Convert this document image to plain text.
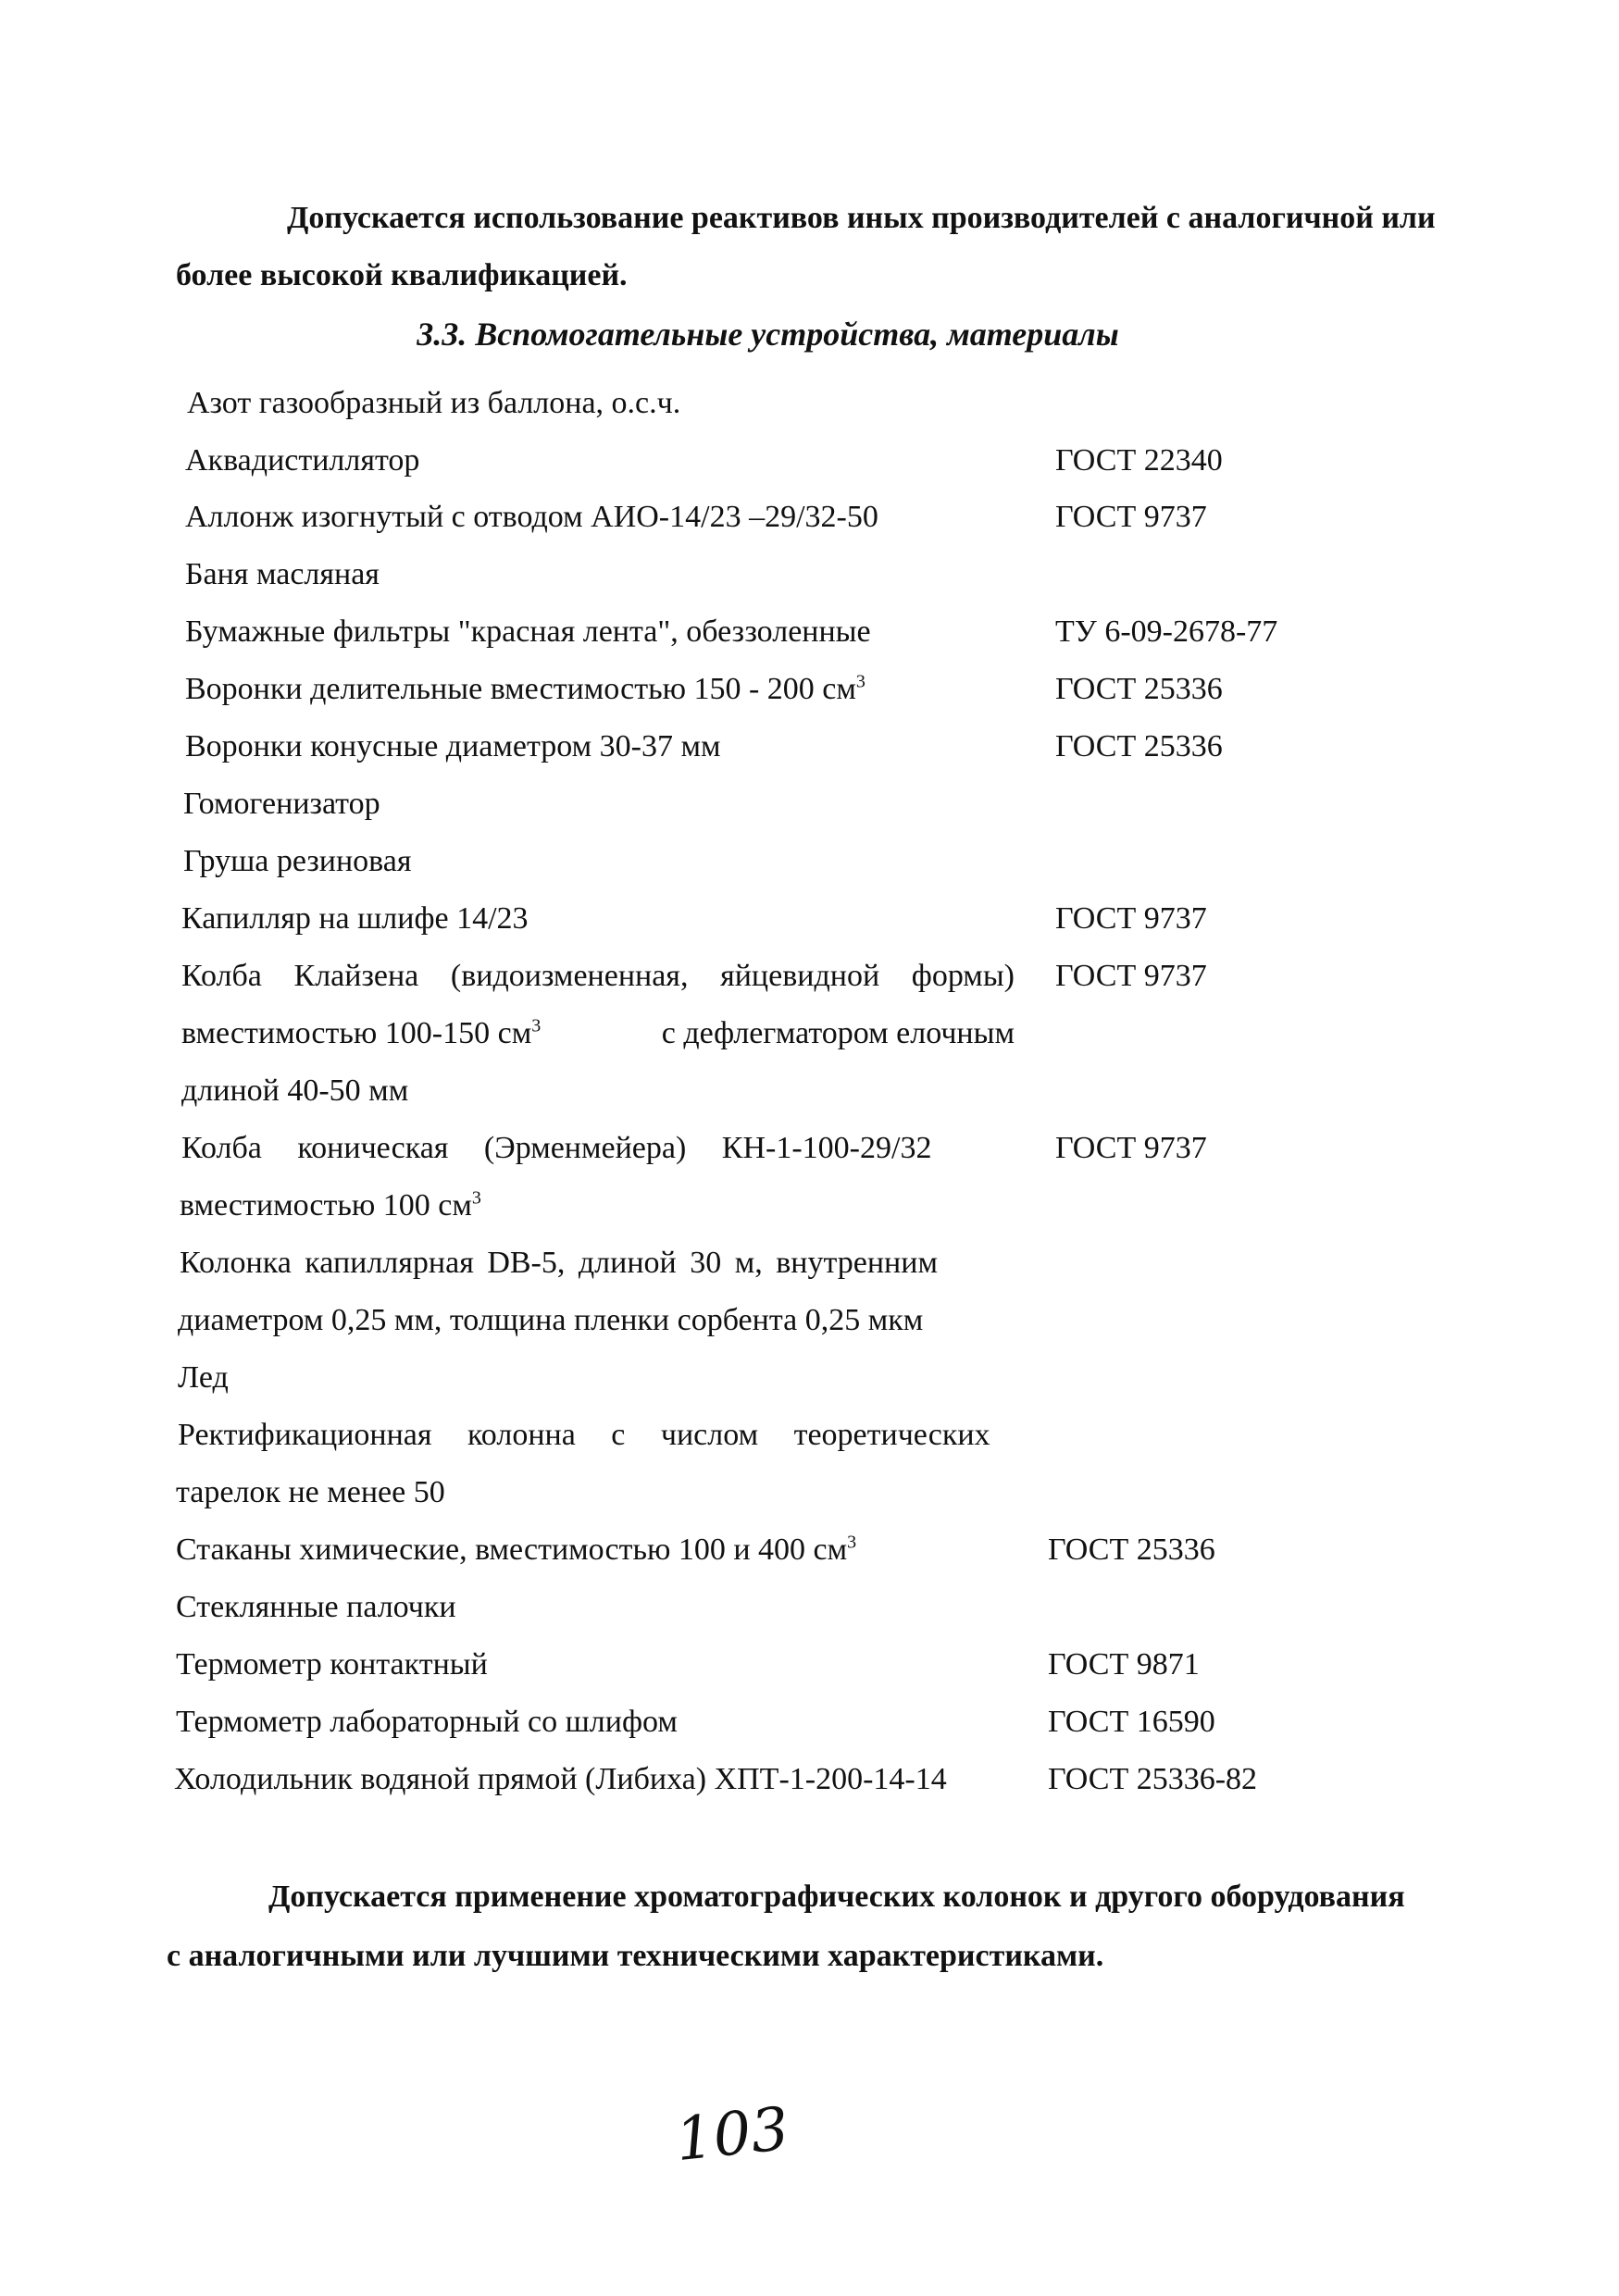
Допускается использование реактивов иных производителей с аналогичной или
более высокой квалификацией.
3.3. Вспомогательные устройства, материалы
Азот газообразный из баллона, о.с.ч.
Аквадистиллятор	ГОСТ 22340
Аллонж изогнутый с отводом АИО-14/23 –29/32-50	ГОСТ 9737
Баня масляная
Бумажные фильтры "красная лента", обеззоленные	ТУ 6-09-2678-77
Воронки делительные вместимостью 150 - 200 $см^3$	ГОСТ 25336
Воронки конусные диаметром 30-37 мм	ГОСТ 25336
Гомогенизатор
Груша резиновая
Капилляр на шлифе 14/23	ГОСТ 9737
Колба Клайзена (видоизмененная, яйцевидной формы) ГОСТ 9737
вместимостью 100-150 $см^3$	с дефлегматором елочным
длиной 40-50 мм
Колба коническая (Эрменмейера) КН-1-100-29/32	ГОСТ 9737
вместимостью 100 $см^3$
Колонка капиллярная DB-5, длиной 30 м, внутренним
диаметром 0,25 мм, толщина пленки сорбента 0,25 мкм
Лед
Ректификационная колонна с числом теоретических
тарелок не менее 50
Стаканы химические, вместимостью 100 и 400 $см^3$	ГОСТ 25336
Стеклянные палочки
Термометр контактный	ГОСТ 9871
Термометр лабораторный со шлифом	ГОСТ 16590
Холодильник водяной прямой (Либиха) ХПТ-1-200-14-14	ГОСТ 25336-82
Допускается применение хроматографических колонок и другого оборудования
с аналогичными или лучшими техническими характеристиками.
103
